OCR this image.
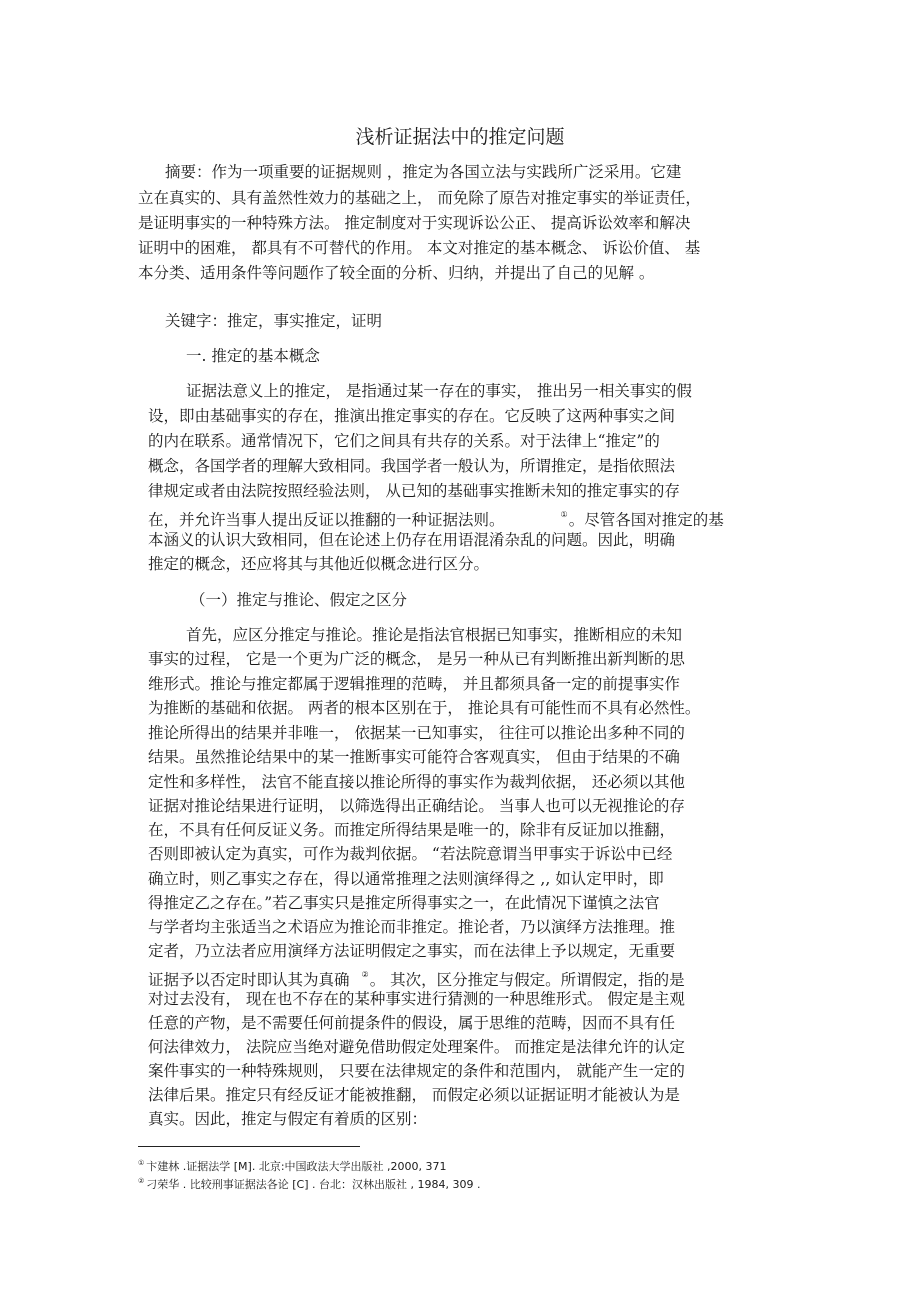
浅析证据法中的推定问题
摘要：作为一项重要的证据规则 ，推定为各国立法与实践所广泛采用。它建
立在真实的、具有盖然性效力的基础之上， 而免除了原告对推定事实的举证责任，
是证明事实的一种特殊方法。 推定制度对于实现诉讼公正、 提高诉讼效率和解决
证明中的困难， 都具有不可替代的作用。 本文对推定的基本概念、 诉讼价值、 基
本分类、适用条件等问题作了较全面的分析、归纳，并提出了自己的见解 。
关键字：推定，事实推定，证明
一. 推定的基本概念
证据法意义上的推定， 是指通过某一存在的事实， 推出另一相关事实的假
设，即由基础事实的存在，推演出推定事实的存在。它反映了这两种事实之间
的内在联系。通常情况下，它们之间具有共存的关系。对于法律上“推定”的
概念，各国学者的理解大致相同。我国学者一般认为，所谓推定，是指依照法
律规定或者由法院按照经验法则， 从已知的基础事实推断未知的推定事实的存
在，并允许当事人提出反证以推翻的一种证据法则。	①。尽管各国对推定的基
本涵义的认识大致相同，但在论述上仍存在用语混淆杂乱的问题。因此，明确
推定的概念，还应将其与其他近似概念进行区分。
（一）推定与推论、假定之区分
首先，应区分推定与推论。推论是指法官根据已知事实，推断相应的未知
事实的过程， 它是一个更为广泛的概念， 是另一种从已有判断推出新判断的思
维形式。推论与推定都属于逻辑推理的范畴， 并且都须具备一定的前提事实作
为推断的基础和依据。 两者的根本区别在于， 推论具有可能性而不具有必然性。
推论所得出的结果并非唯一， 依据某一已知事实， 往往可以推论出多种不同的
结果。虽然推论结果中的某一推断事实可能符合客观真实， 但由于结果的不确
定性和多样性， 法官不能直接以推论所得的事实作为裁判依据， 还必须以其他
证据对推论结果进行证明， 以筛选得出正确结论。 当事人也可以无视推论的存
在，不具有任何反证义务。而推定所得结果是唯一的，除非有反证加以推翻，
否则即被认定为真实，可作为裁判依据。 “若法院意谓当甲事实于诉讼中已经
确立时，则乙事实之存在，得以通常推理之法则演绎得之 ,, 如认定甲时，即
得推定乙之存在。”若乙事实只是推定所得事实之一，在此情况下谨慎之法官
与学者均主张适当之术语应为推论而非推定。推论者，乃以演绎方法推理。推
定者，乃立法者应用演绎方法证明假定之事实，而在法律上予以规定，无重要
证据予以否定时即认其为真确 ②。 其次，区分推定与假定。所谓假定，指的是
对过去没有， 现在也不存在的某种事实进行猜测的一种思维形式。 假定是主观
任意的产物，是不需要任何前提条件的假设，属于思维的范畴，因而不具有任
何法律效力， 法院应当绝对避免借助假定处理案件。 而推定是法律允许的认定
案件事实的一种特殊规则， 只要在法律规定的条件和范围内， 就能产生一定的
法律后果。推定只有经反证才能被推翻， 而假定必须以证据证明才能被认为是
真实。因此，推定与假定有着质的区别：
① 卞建林 .证据法学 [M]. 北京:中国政法大学出版社 ,2000, 371
② 刁荣华 . 比较刑事证据法各论 [C] . 台北：汉林出版社 , 1984, 309 .
